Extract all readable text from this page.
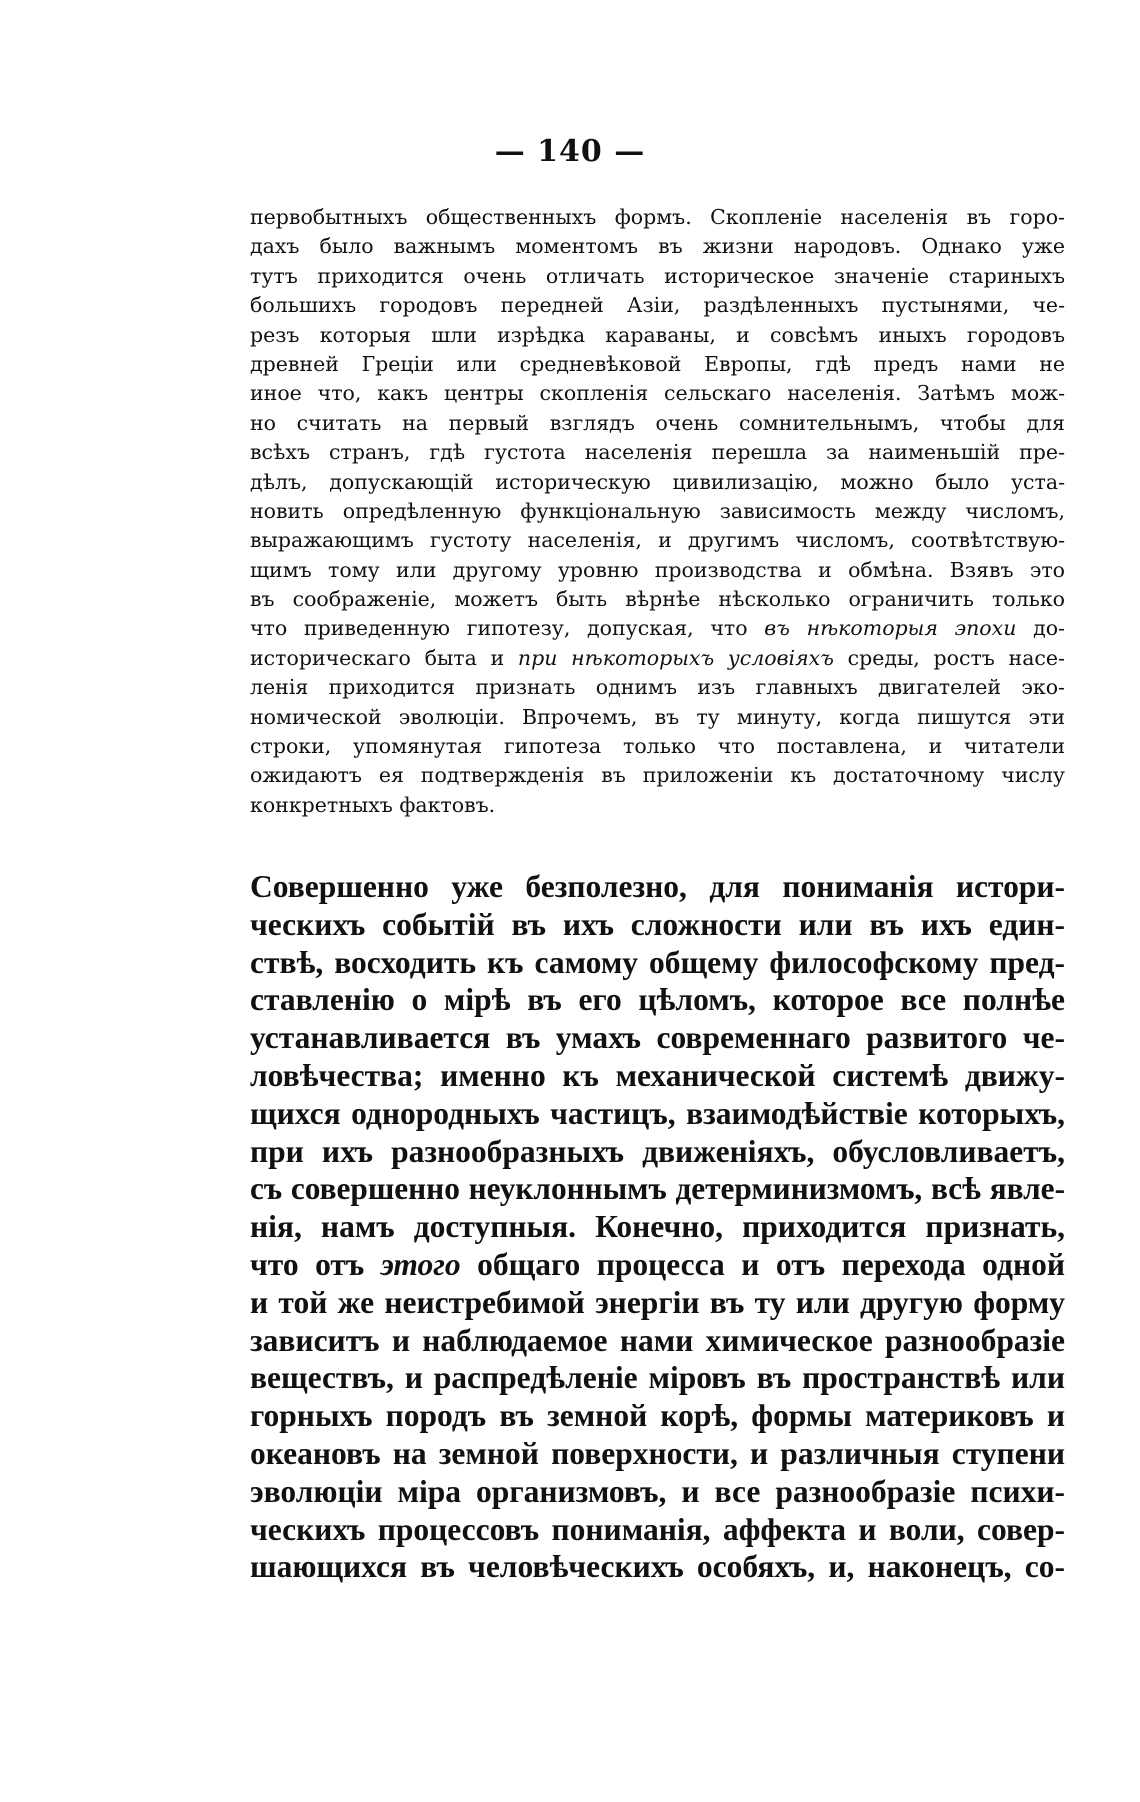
— 140 —
первобытныхъ общественныхъ формъ. Скопленіе населенія въ горо-
дахъ было важнымъ моментомъ въ жизни народовъ. Однако уже
тутъ приходится очень отличать историческое значеніе стариныхъ
большихъ городовъ передней Азіи, раздѣленныхъ пустынями, че-
резъ которыя шли изрѣдка караваны, и совсѣмъ иныхъ городовъ
древней Греціи или средневѣковой Европы, гдѣ предъ нами не
иное что, какъ центры скопленія сельскаго населенія. Затѣмъ мож-
но считать на первый взглядъ очень сомнительнымъ, чтобы для
всѣхъ странъ, гдѣ густота населенія перешла за наименьшій пре-
дѣлъ, допускающій историческую цивилизацію, можно было уста-
новить опредѣленную функціональную зависимость между числомъ,
выражающимъ густоту населенія, и другимъ числомъ, соотвѣтствую-
щимъ тому или другому уровню производства и обмѣна. Взявъ это
въ соображеніе, можетъ быть вѣрнѣе нѣсколько ограничить только
что приведенную гипотезу, допуская, что въ нѣкоторыя эпохи до-
историческаго быта и при нѣкоторыхъ условіяхъ среды, ростъ насе-
ленія приходится признать однимъ изъ главныхъ двигателей эко-
номической эволюціи. Впрочемъ, въ ту минуту, когда пишутся эти
строки, упомянутая гипотеза только что поставлена, и читатели
ожидаютъ ея подтвержденія въ приложеніи къ достаточному числу
конкретныхъ фактовъ.
Совершенно уже безполезно, для пониманія истори-
ческихъ событій въ ихъ сложности или въ ихъ един-
ствѣ, восходить къ самому общему философскому пред-
ставленію о мірѣ въ его цѣломъ, которое все полнѣе
устанавливается въ умахъ современнаго развитого че-
ловѣчества; именно къ механической системѣ движу-
щихся однородныхъ частицъ, взаимодѣйствіе которыхъ,
при ихъ разнообразныхъ движеніяхъ, обусловливаетъ,
съ совершенно неуклоннымъ детерминизмомъ, всѣ явле-
нія, намъ доступныя. Конечно, приходится признать,
что отъ этого общаго процесса и отъ перехода одной
и той же неистребимой энергіи въ ту или другую форму
зависитъ и наблюдаемое нами химическое разнообразіе
веществъ, и распредѣленіе міровъ въ пространствѣ или
горныхъ породъ въ земной корѣ, формы материковъ и
океановъ на земной поверхности, и различныя ступени
эволюціи міра организмовъ, и все разнообразіе психи-
ческихъ процессовъ пониманія, аффекта и воли, совер-
шающихся въ человѣческихъ особяхъ, и, наконецъ, со-
